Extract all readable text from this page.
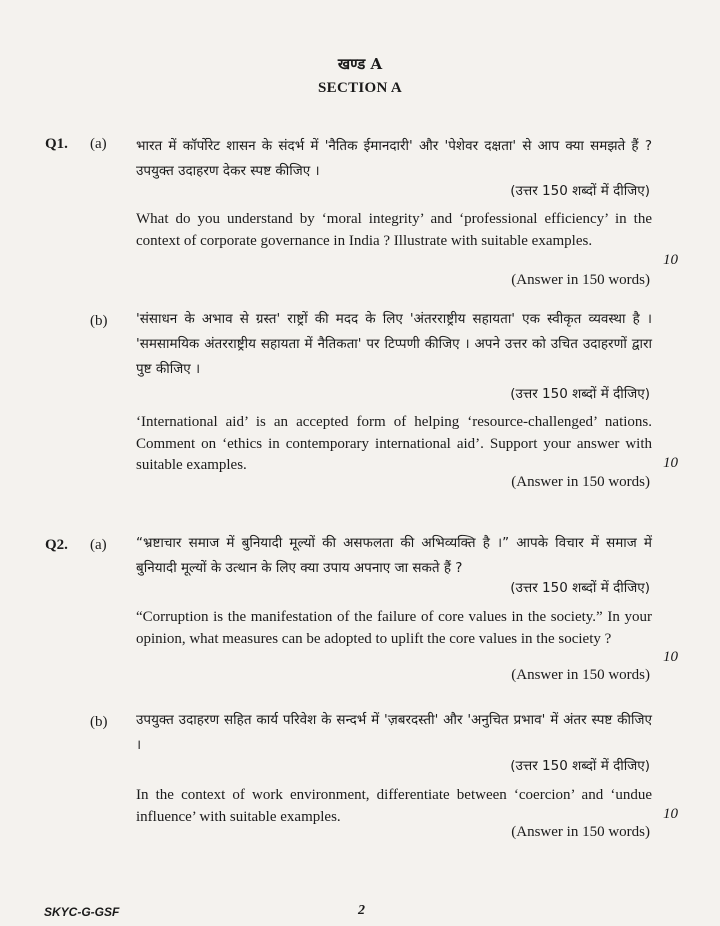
खण्ड A
SECTION A
Q1. (a) भारत में कॉर्पोरेट शासन के संदर्भ में 'नैतिक ईमानदारी' और 'पेशेवर दक्षता' से आप क्या समझते हैं ? उपयुक्त उदाहरण देकर स्पष्ट कीजिए ।
(उत्तर 150 शब्दों में दीजिए)
What do you understand by ‘moral integrity’ and ‘professional efficiency’ in the context of corporate governance in India ? Illustrate with suitable examples.
10
(Answer in 150 words)
(b) 'संसाधन के अभाव से ग्रस्त' राष्ट्रों की मदद के लिए 'अंतरराष्ट्रीय सहायता' एक स्वीकृत व्यवस्था है । 'समसामयिक अंतरराष्ट्रीय सहायता में नैतिकता' पर टिप्पणी कीजिए । अपने उत्तर को उचित उदाहरणों द्वारा पुष्ट कीजिए ।
(उत्तर 150 शब्दों में दीजिए)
‘International aid’ is an accepted form of helping ‘resource-challenged’ nations. Comment on ‘ethics in contemporary international aid’. Support your answer with suitable examples.	10
(Answer in 150 words)
Q2. (a) “भ्रष्टाचार समाज में बुनियादी मूल्यों की असफलता की अभिव्यक्ति है ।” आपके विचार में समाज में बुनियादी मूल्यों के उत्थान के लिए क्या उपाय अपनाए जा सकते हैं ?
(उत्तर 150 शब्दों में दीजिए)
“Corruption is the manifestation of the failure of core values in the society.” In your opinion, what measures can be adopted to uplift the core values in the society ?
10
(Answer in 150 words)
(b) उपयुक्त उदाहरण सहित कार्य परिवेश के सन्दर्भ में 'ज़बरदस्ती' और 'अनुचित प्रभाव' में अंतर स्पष्ट कीजिए ।
(उत्तर 150 शब्दों में दीजिए)
In the context of work environment, differentiate between ‘coercion’ and ‘undue influence’ with suitable examples.	10
(Answer in 150 words)
SKYC-G-GSF	2
